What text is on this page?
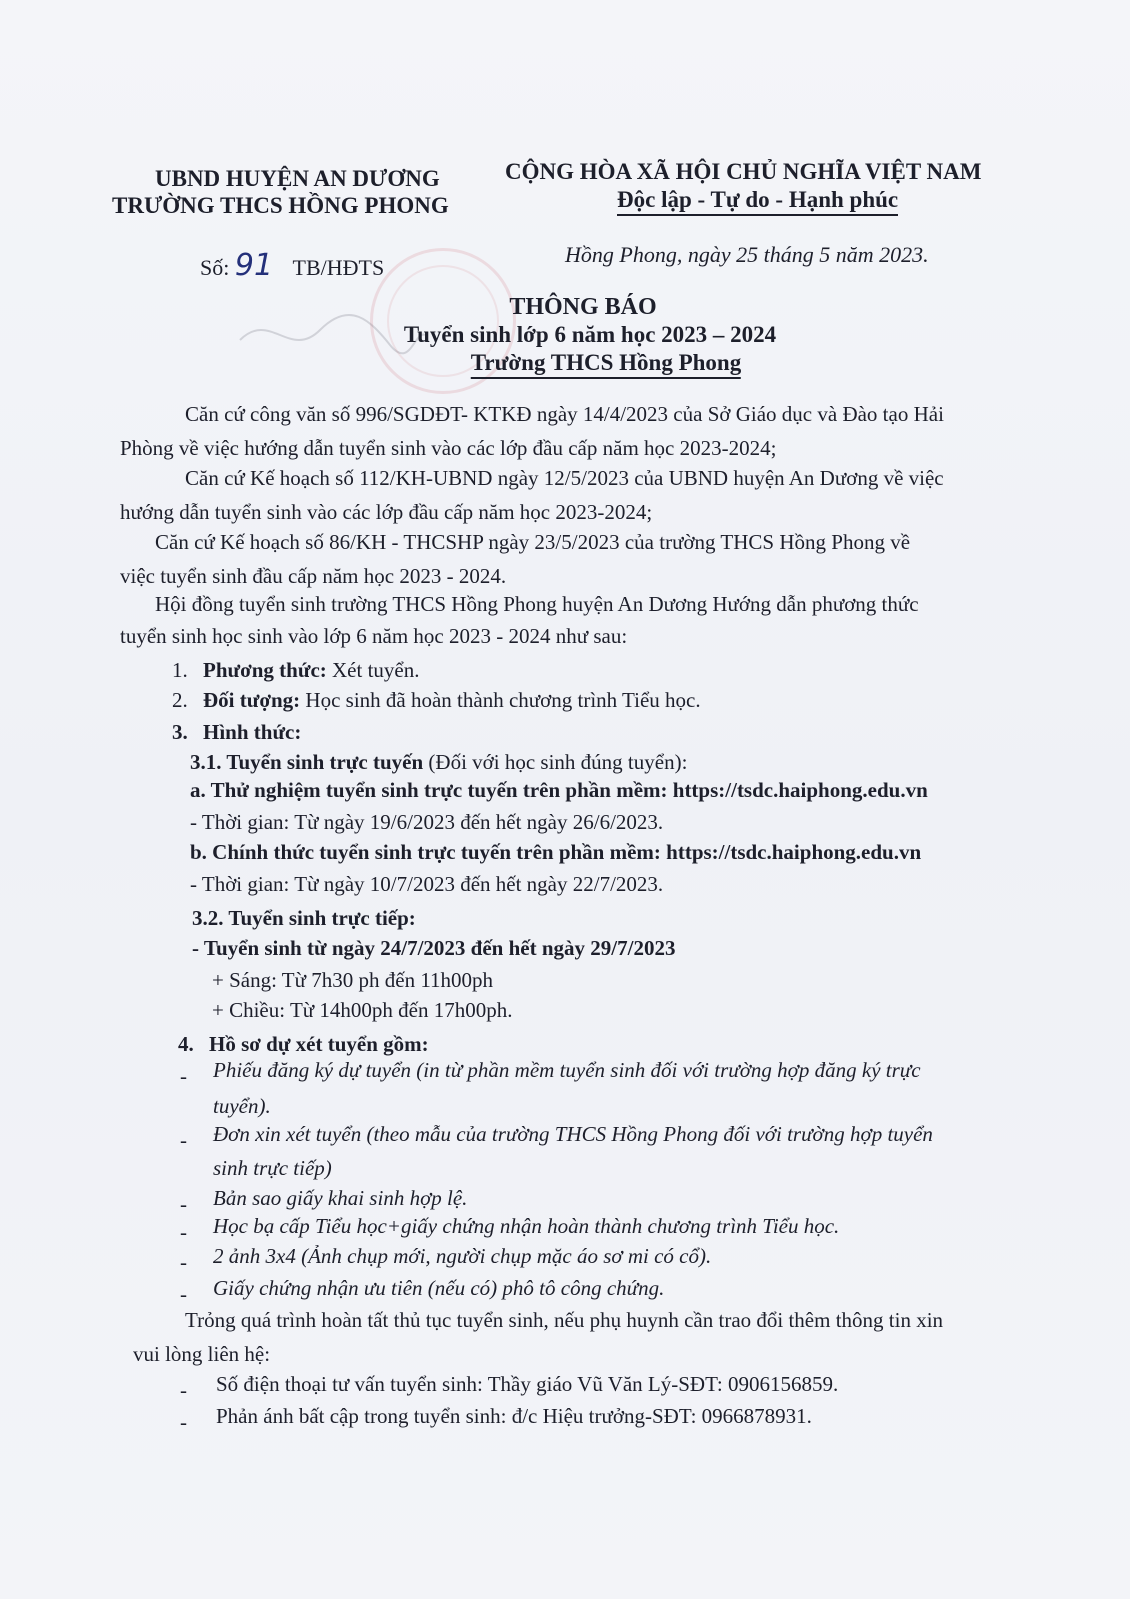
UBND HUYỆN AN DƯƠNG
TRƯỜNG THCS HỒNG PHONG
CỘNG HÒA XÃ HỘI CHỦ NGHĨA VIỆT NAM
Độc lập - Tự do - Hạnh phúc
Số: 91 TB/HĐTS
Hồng Phong, ngày 25 tháng 5 năm 2023.
THÔNG BÁO
Tuyển sinh lớp 6 năm học 2023 – 2024
Trường THCS Hồng Phong
Căn cứ công văn số 996/SGDĐT- KTKĐ ngày 14/4/2023 của Sở Giáo dục và Đào tạo Hải
Phòng về việc hướng dẫn tuyển sinh vào các lớp đầu cấp năm học 2023-2024;
Căn cứ Kế hoạch số 112/KH-UBND ngày 12/5/2023 của UBND huyện An Dương về việc
hướng dẫn tuyển sinh vào các lớp đầu cấp năm học 2023-2024;
Căn cứ Kế hoạch số 86/KH - THCSHP ngày 23/5/2023 của trường THCS Hồng Phong về
việc tuyển sinh đầu cấp năm học 2023 - 2024.
Hội đồng tuyển sinh trường THCS Hồng Phong huyện An Dương Hướng dẫn phương thức
tuyển sinh học sinh vào lớp 6 năm học 2023 - 2024 như sau:
1. Phương thức: Xét tuyển.
2. Đối tượng: Học sinh đã hoàn thành chương trình Tiểu học.
3. Hình thức:
3.1. Tuyển sinh trực tuyến (Đối với học sinh đúng tuyển):
a. Thử nghiệm tuyển sinh trực tuyến trên phần mềm: https://tsdc.haiphong.edu.vn
- Thời gian: Từ ngày 19/6/2023 đến hết ngày 26/6/2023.
b. Chính thức tuyển sinh trực tuyến trên phần mềm: https://tsdc.haiphong.edu.vn
- Thời gian: Từ ngày 10/7/2023 đến hết ngày 22/7/2023.
3.2. Tuyển sinh trực tiếp:
- Tuyển sinh từ ngày 24/7/2023 đến hết ngày 29/7/2023
+ Sáng: Từ 7h30 ph đến 11h00ph
+ Chiều: Từ 14h00ph đến 17h00ph.
4. Hồ sơ dự xét tuyển gồm:
- Phiếu đăng ký dự tuyển (in từ phần mềm tuyển sinh đối với trường hợp đăng ký trực
tuyển).
- Đơn xin xét tuyển (theo mẫu của trường THCS Hồng Phong đối với trường hợp tuyển
sinh trực tiếp)
- Bản sao giấy khai sinh hợp lệ.
- Học bạ cấp Tiểu học+giấy chứng nhận hoàn thành chương trình Tiểu học.
- 2 ảnh 3x4 (Ảnh chụp mới, người chụp mặc áo sơ mi có cổ).
- Giấy chứng nhận ưu tiên (nếu có) phô tô công chứng.
Trỏng quá trình hoàn tất thủ tục tuyển sinh, nếu phụ huynh cần trao đổi thêm thông tin xin
vui lòng liên hệ:
- Số điện thoại tư vấn tuyển sinh: Thầy giáo Vũ Văn Lý-SĐT: 0906156859.
- Phản ánh bất cập trong tuyển sinh: đ/c Hiệu trưởng-SĐT: 0966878931.
